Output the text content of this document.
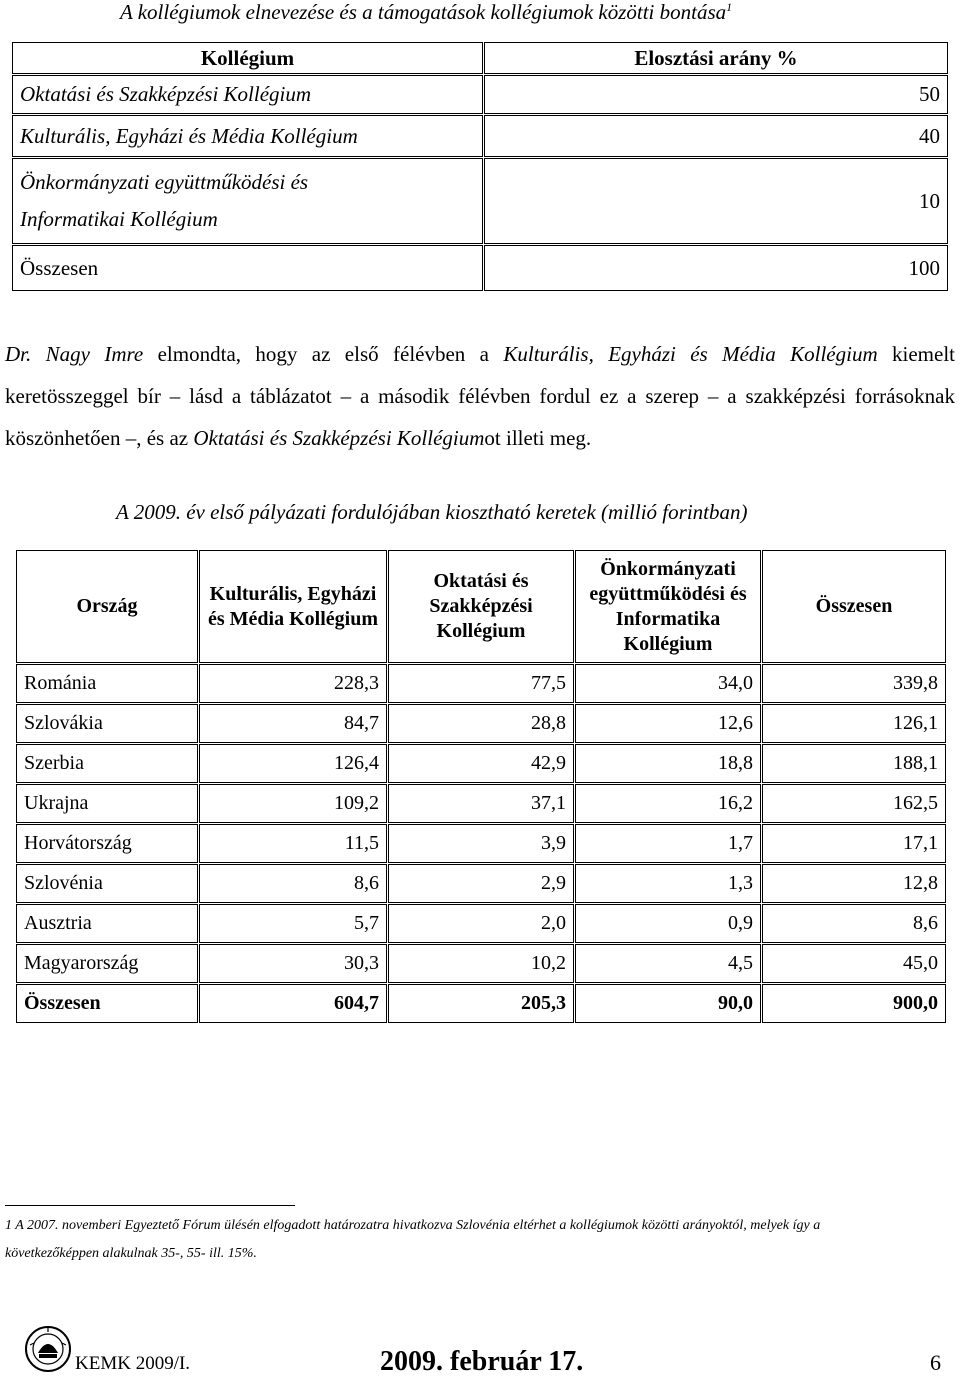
A kollégiumok elnevezése és a támogatások kollégiumok közötti bontása$^1$
Kollégium	Elosztási arány %
Oktatási és Szakképzési Kollégium	50
Kulturális, Egyházi és Média Kollégium	40
Önkormányzati együttműködési és
Informatikai Kollégium	10
Összesen	100
Dr. Nagy Imre elmondta, hogy az első félévben a Kulturális, Egyházi és Média Kollégium kiemelt keretösszeggel bír – lásd a táblázatot – a második félévben fordul ez a szerep – a szakképzési forrásoknak köszönhetően –, és az Oktatási és Szakképzési Kollégiumot illeti meg.
A 2009. év első pályázati fordulójában kiosztható keretek (millió forintban)
Ország	Kulturális, Egyházi és Média Kollégium	Oktatási és Szakképzési Kollégium	Önkormányzati együttműködési és Informatika Kollégium	Összesen
Románia	228,3	77,5	34,0	339,8
Szlovákia	84,7	28,8	12,6	126,1
Szerbia	126,4	42,9	18,8	188,1
Ukrajna	109,2	37,1	16,2	162,5
Horvátország	11,5	3,9	1,7	17,1
Szlovénia	8,6	2,9	1,3	12,8
Ausztria	5,7	2,0	0,9	8,6
Magyarország	30,3	10,2	4,5	45,0
Összesen	604,7	205,3	90,0	900,0

1 A 2007. novemberi Egyeztető Fórum ülésén elfogadott határozatra hivatkozva Szlovénia eltérhet a kollégiumok közötti arányoktól, melyek így a

következőképpen alakulnak 35-, 55- ill. 15%.

KEMK 2009/I.	2009. február 17.	6
